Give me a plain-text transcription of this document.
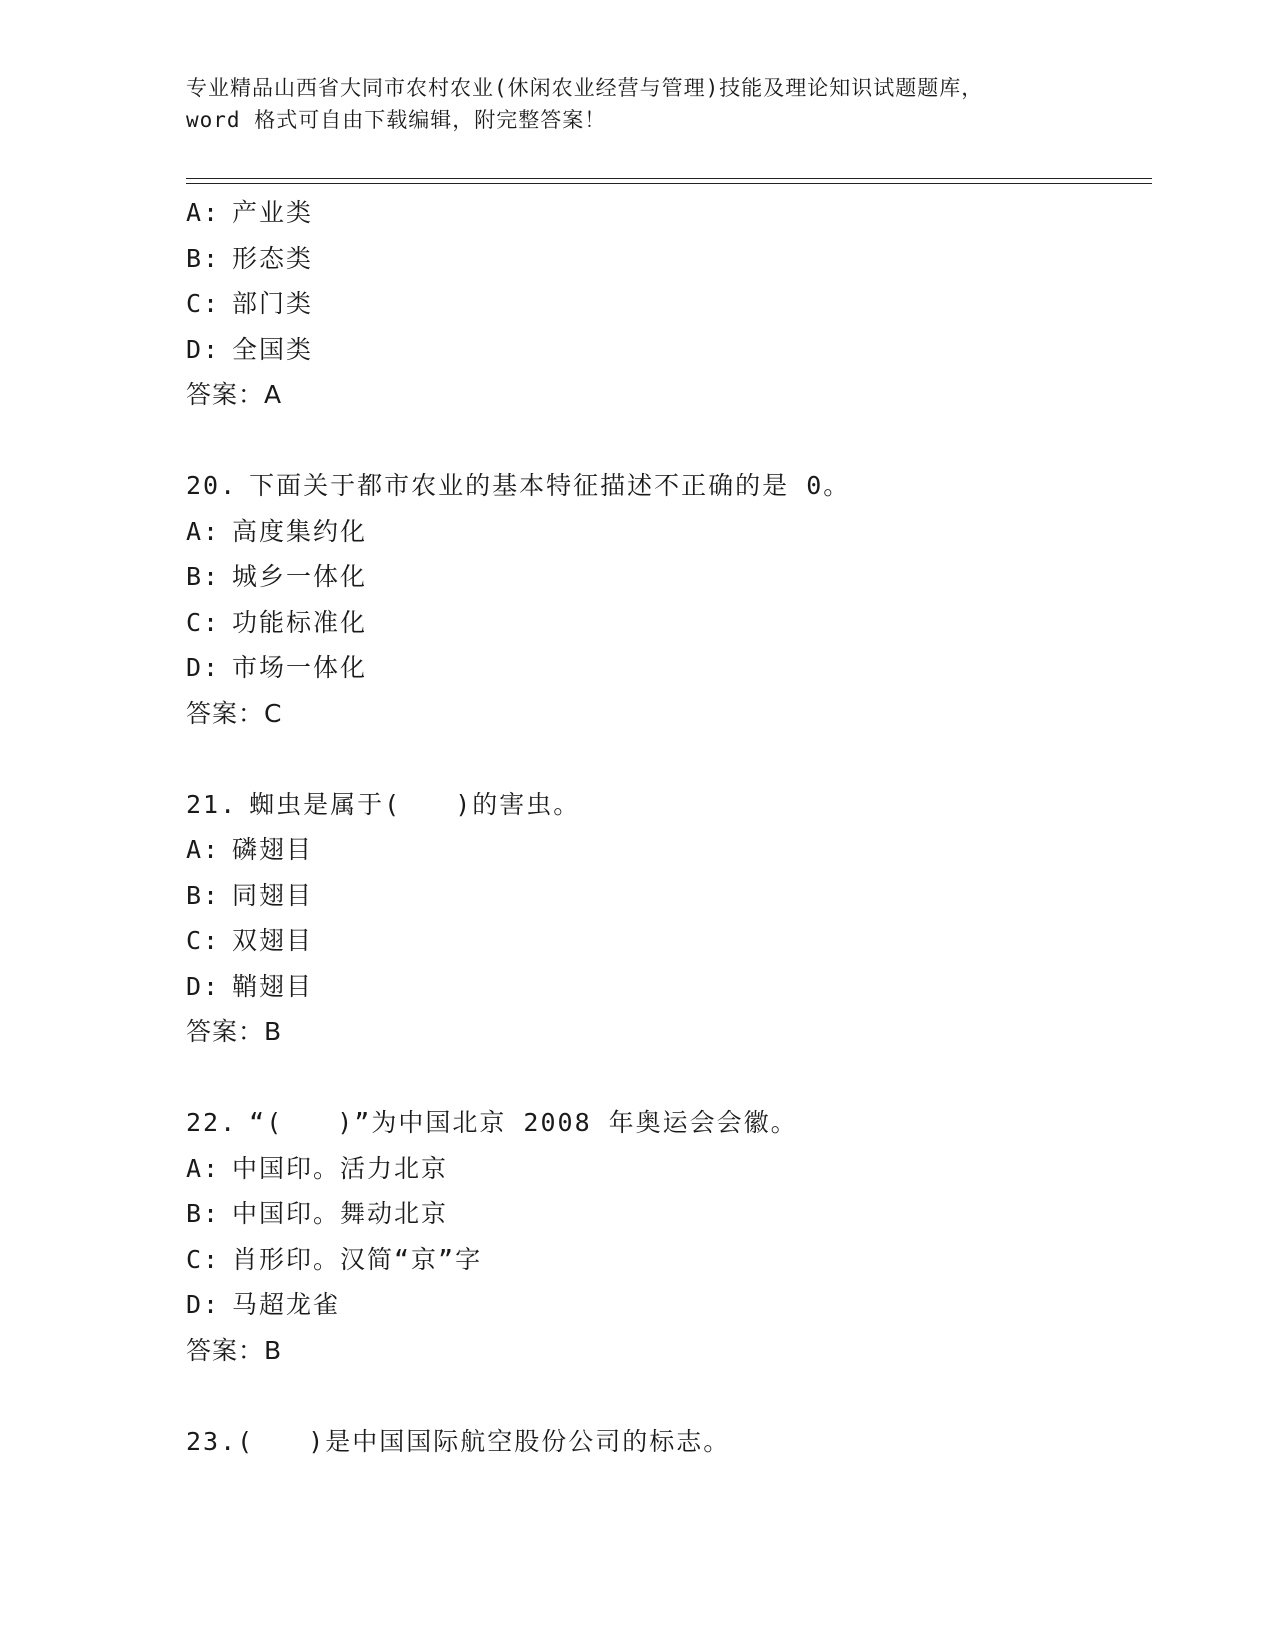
专业精品山西省大同市农村农业(休闲农业经营与管理)技能及理论知识试题题库，
word 格式可自由下载编辑，附完整答案！
A: 产业类
B: 形态类
C: 部门类
D: 全国类
答案：A
20. 下面关于都市农业的基本特征描述不正确的是 0。
A: 高度集约化
B: 城乡一体化
C: 功能标准化
D: 市场一体化
答案：C
21. 蜘虫是属于(　　)的害虫。
A: 磷翅目
B: 同翅目
C: 双翅目
D: 鞘翅目
答案：B
22. “(　　)”为中国北京 2008 年奥运会会徽。
A: 中国印。活力北京
B: 中国印。舞动北京
C: 肖形印。汉简“京”字
D: 马超龙雀
答案：B
23.(　　)是中国国际航空股份公司的标志。
